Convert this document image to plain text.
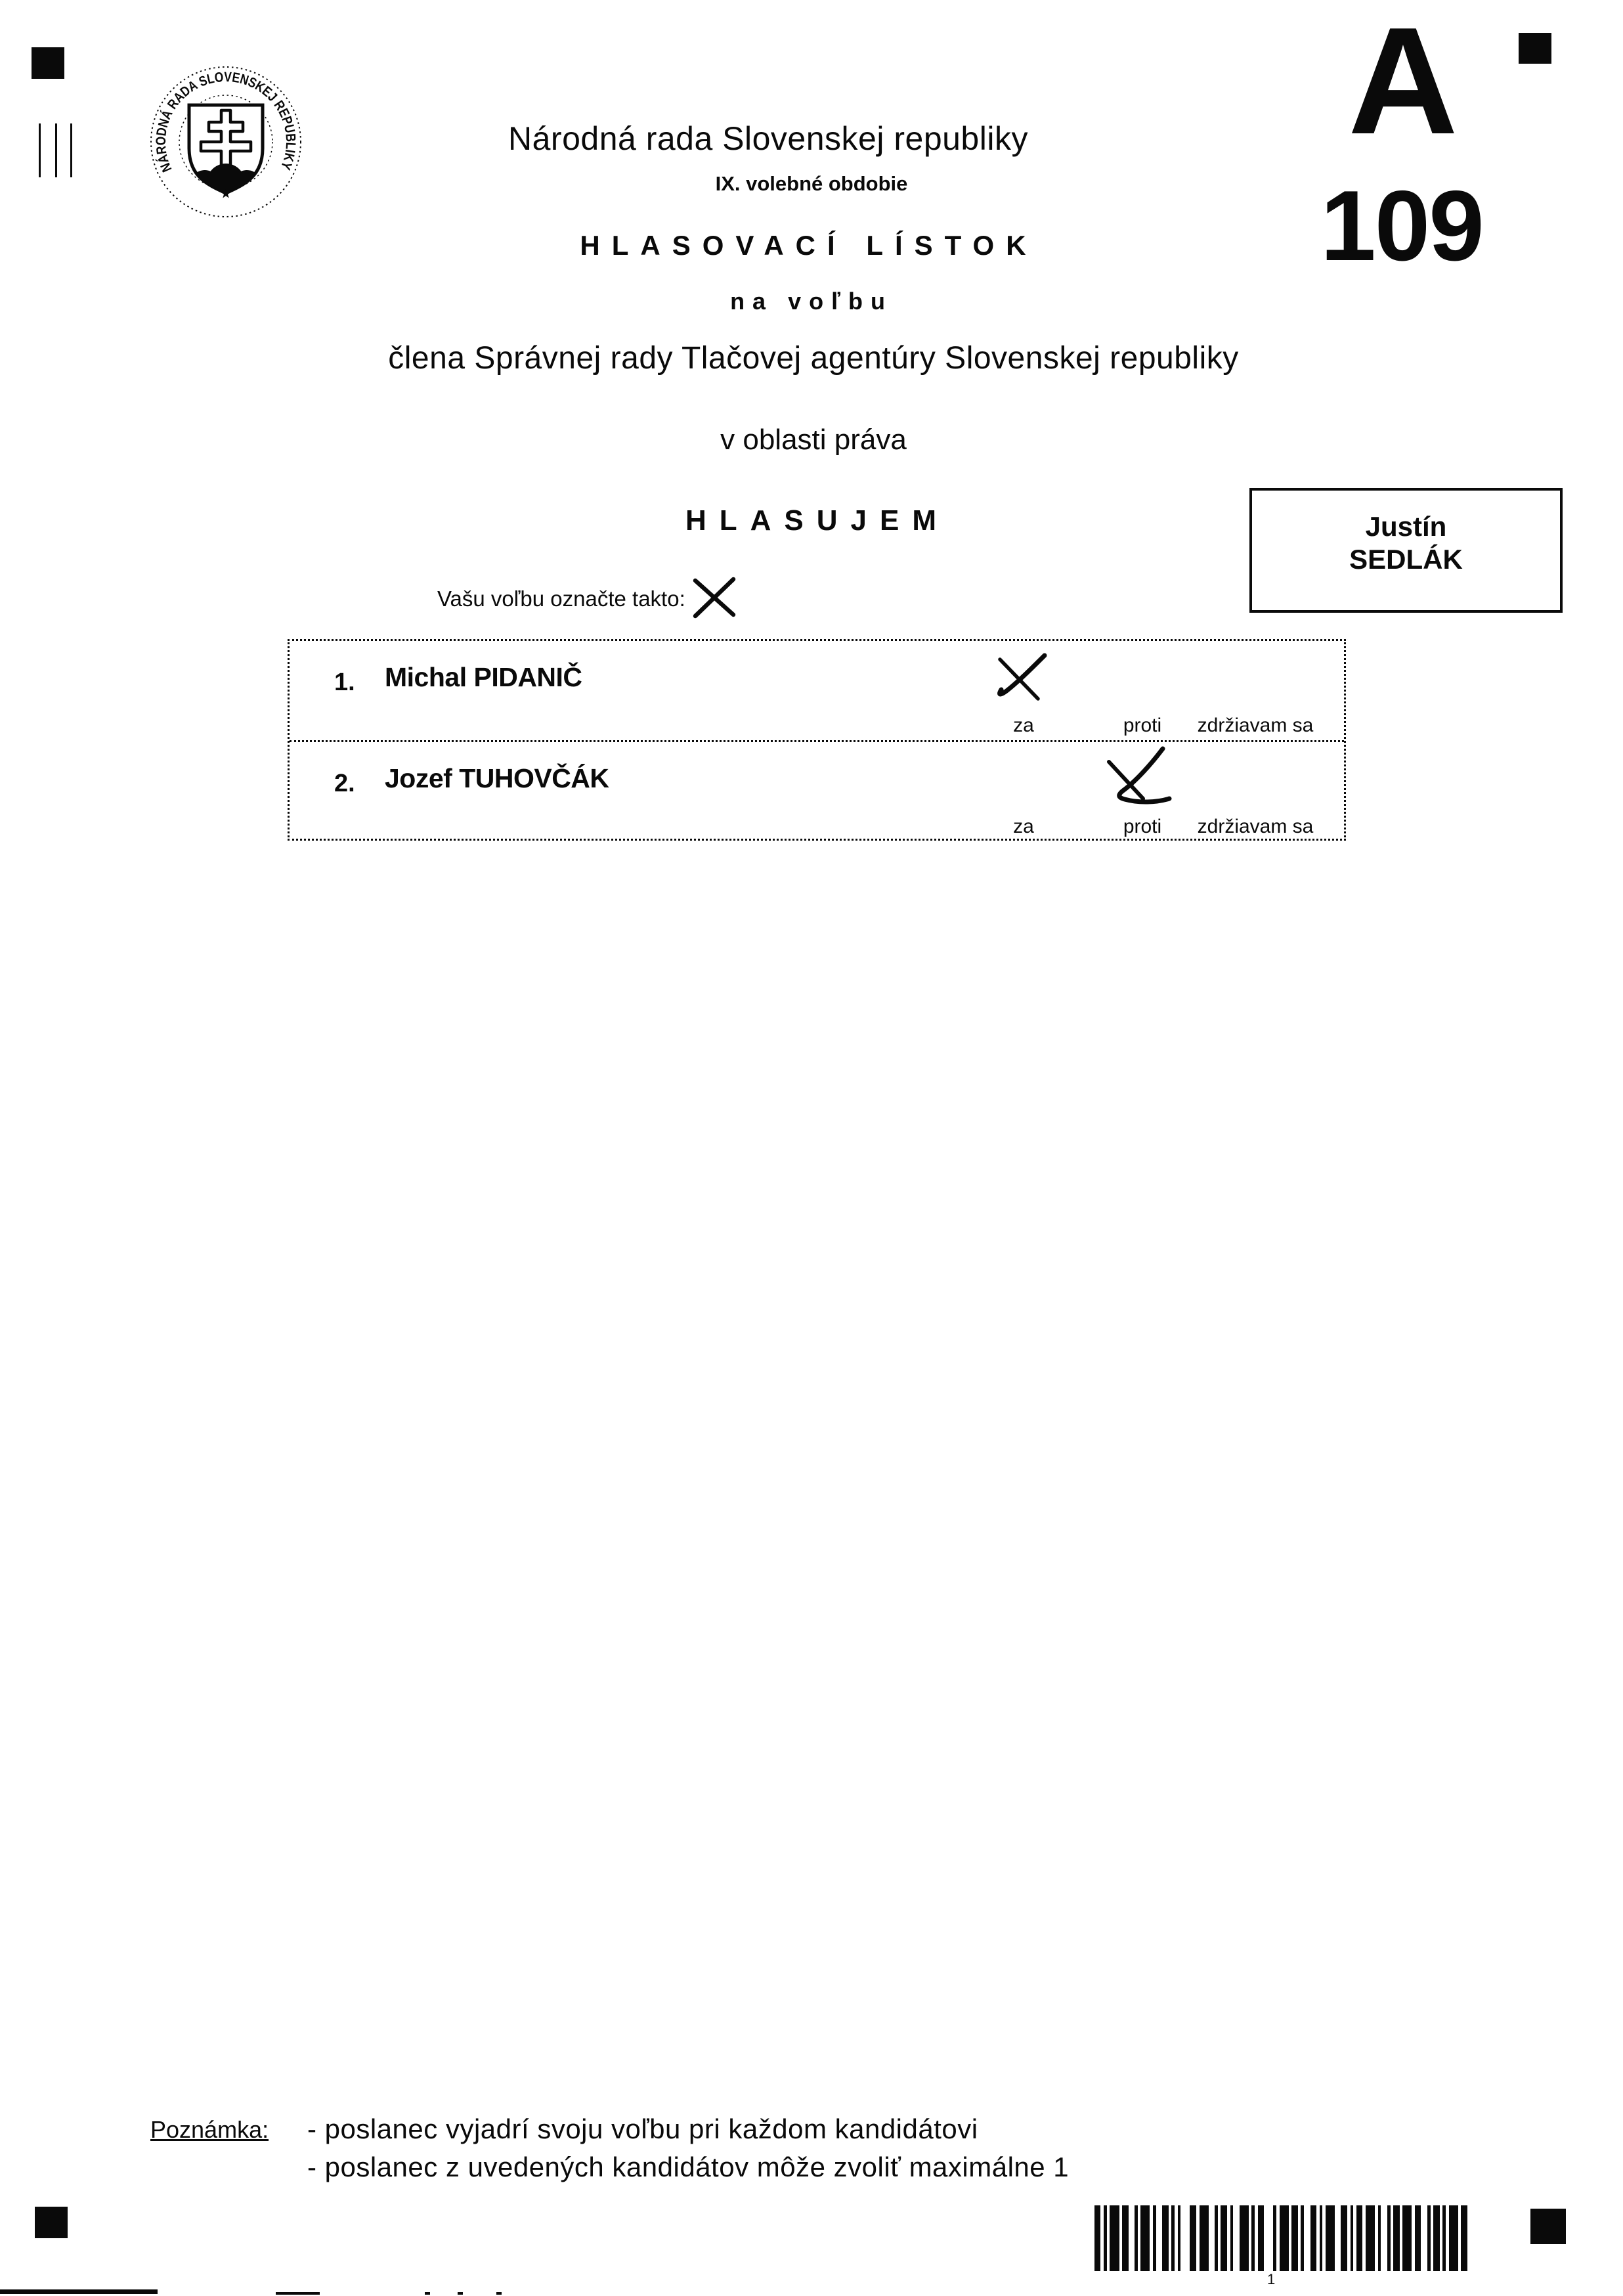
NÁRODNÁ RADA SLOVENSKEJ REPUBLIKY
Národná rada Slovenskej republiky
IX. volebné obdobie
HLASOVACÍ LÍSTOK
na voľbu
člena Správnej rady Tlačovej agentúry Slovenskej republiky
v oblasti práva
HLASUJEM
A
109
Justín
SEDLÁK
Vašu voľbu označte takto:
1. Michal PIDANIČ
za	proti zdržiavam sa
2. Jozef TUHOVČÁK
za	proti zdržiavam sa
Poznámka: - poslanec vyjadrí svoju voľbu pri každom kandidátovi
- poslanec z uvedených kandidátov môže zvoliť maximálne 1
1
